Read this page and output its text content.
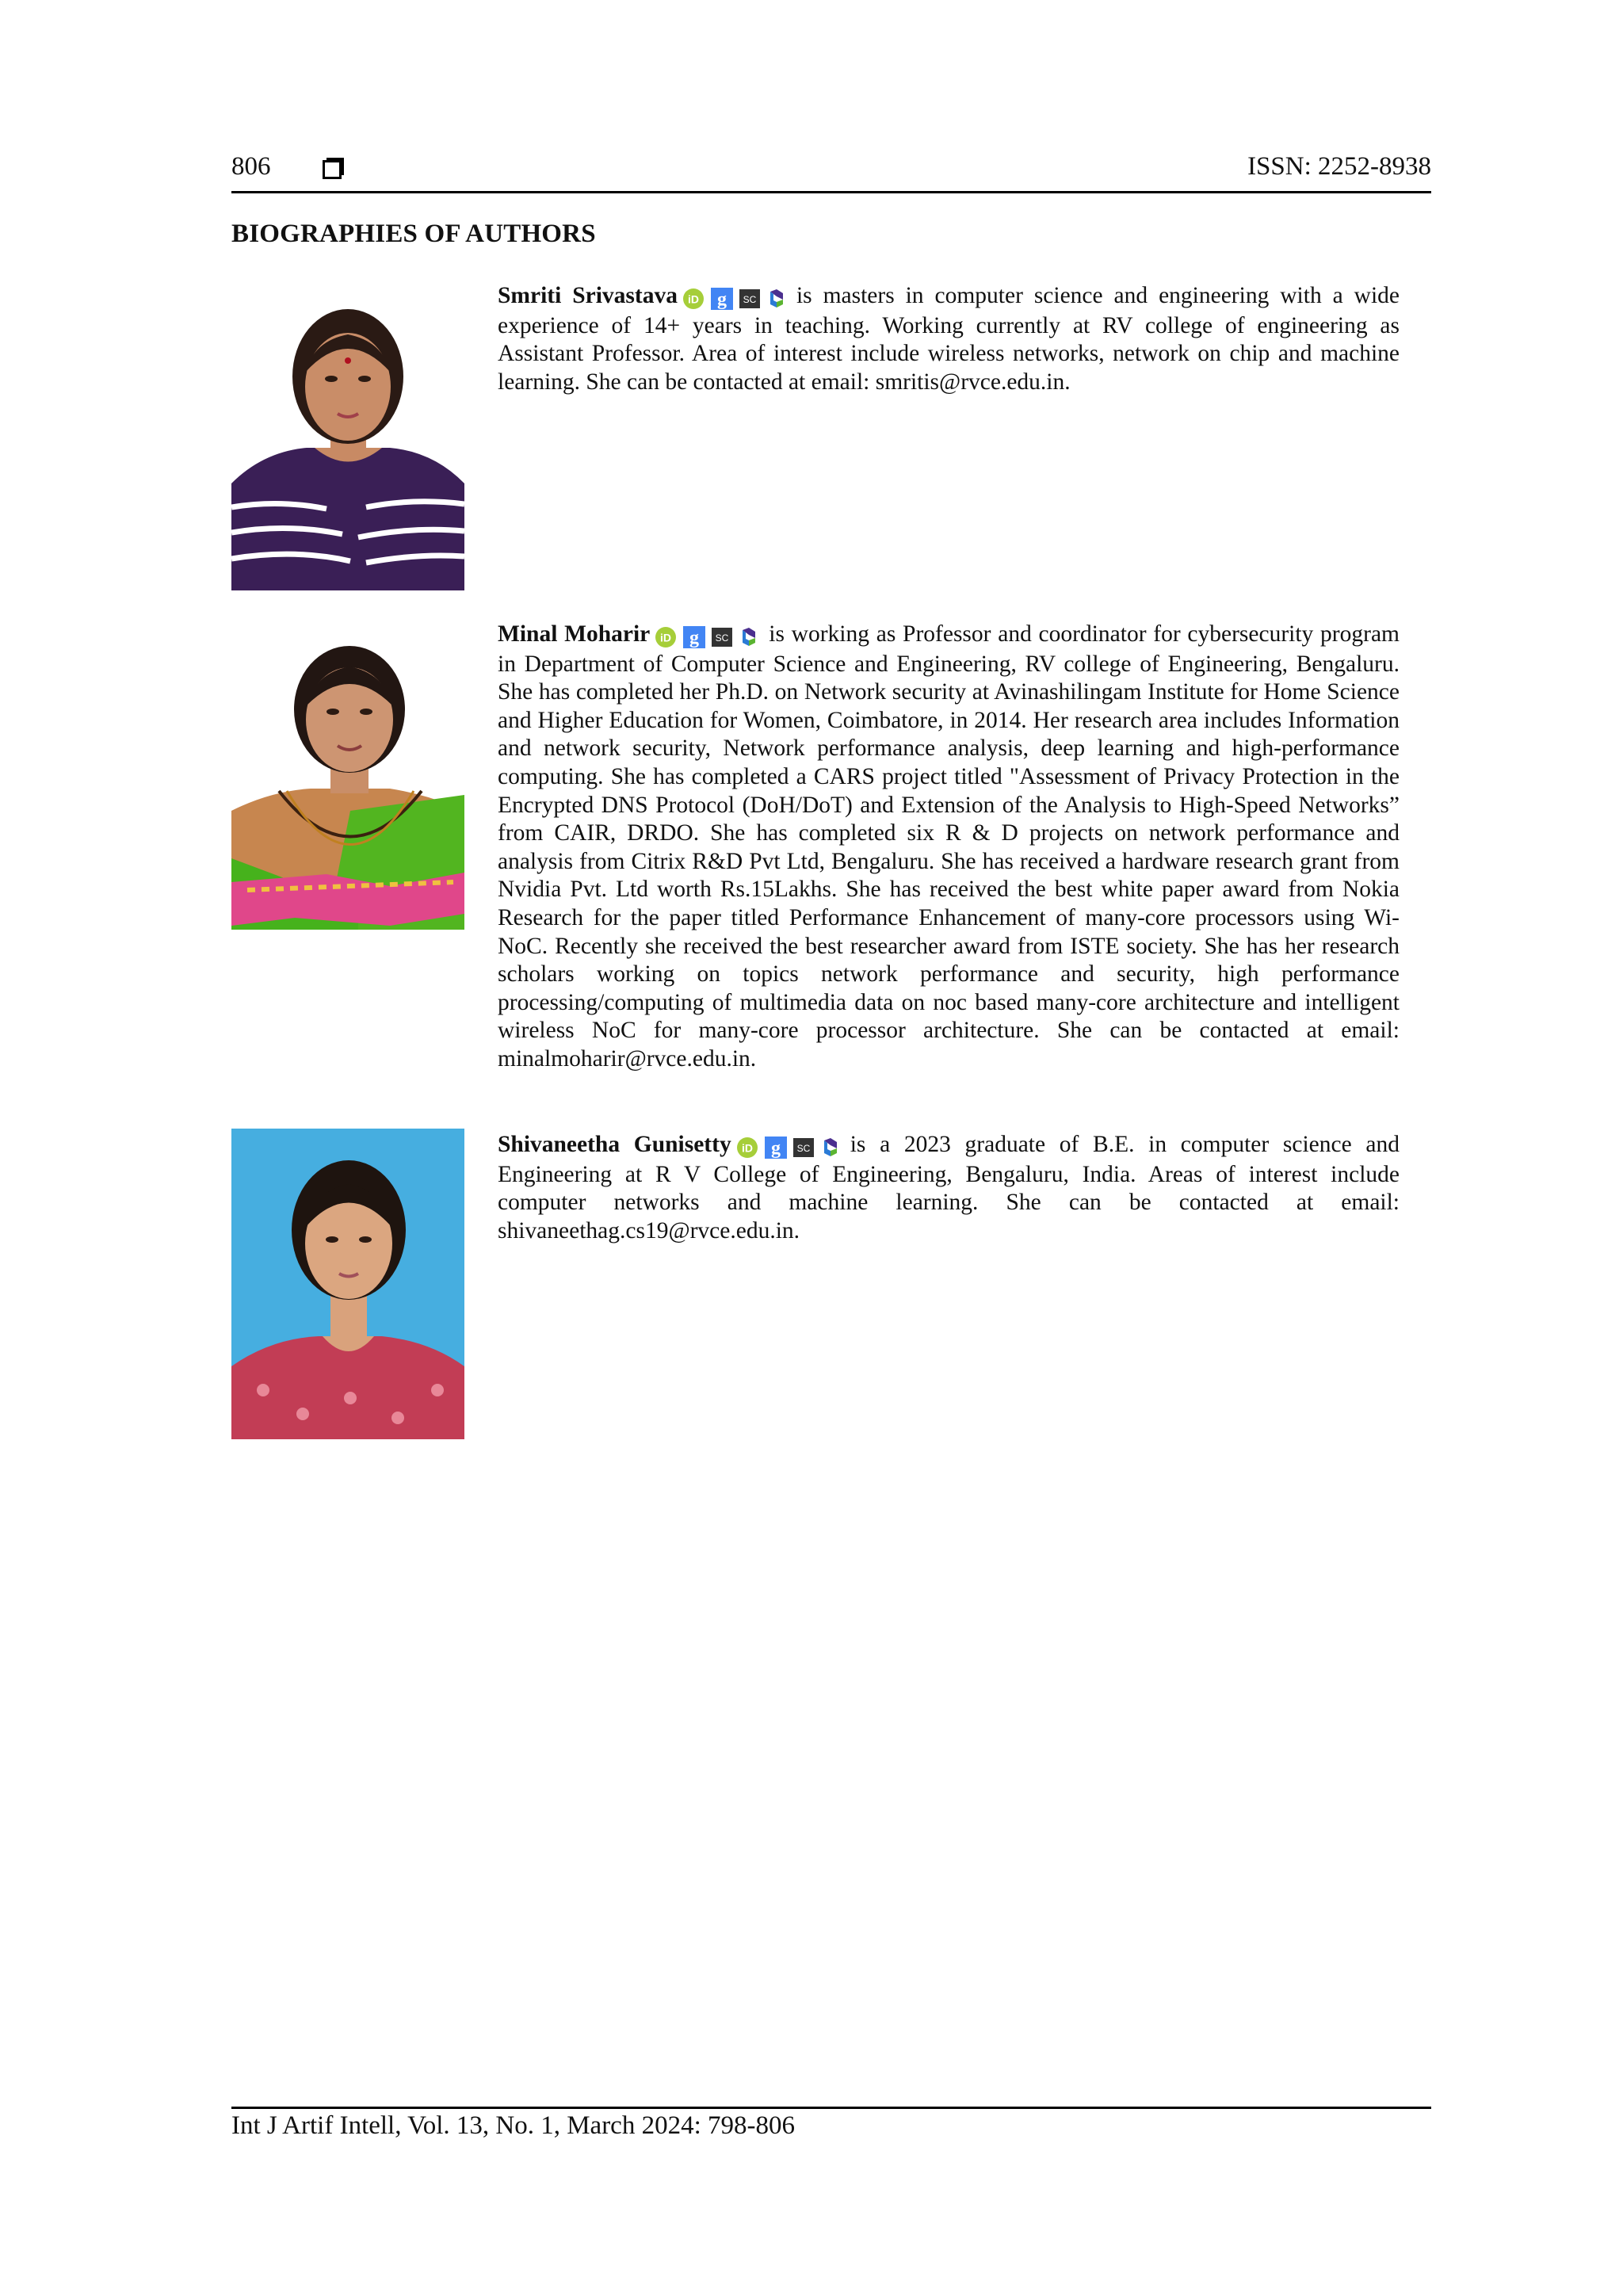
806	ISSN: 2252-8938
BIOGRAPHIES OF AUTHORS
Smriti Srivastava iD g SC is masters in computer science and engineering with a wide experience of 14+ years in teaching. Working currently at RV college of engineering as Assistant Professor. Area of interest include wireless networks, network on chip and machine learning. She can be contacted at email: smritis@rvce.edu.in.
Minal Moharir iD g SC is working as Professor and coordinator for cybersecurity program in Department of Computer Science and Engineering, RV college of Engineering, Bengaluru. She has completed her Ph.D. on Network security at Avinashilingam Institute for Home Science and Higher Education for Women, Coimbatore, in 2014. Her research area includes Information and network security, Network performance analysis, deep learning and high-performance computing. She has completed a CARS project titled "Assessment of Privacy Protection in the Encrypted DNS Protocol (DoH/DoT) and Extension of the Analysis to High-Speed Networks” from CAIR, DRDO. She has completed six R & D projects on network performance and analysis from Citrix R&D Pvt Ltd, Bengaluru. She has received a hardware research grant from Nvidia Pvt. Ltd worth Rs.15Lakhs. She has received the best white paper award from Nokia Research for the paper titled Performance Enhancement of many-core processors using Wi-NoC. Recently she received the best researcher award from ISTE society. She has her research scholars working on topics network performance and security, high performance processing/computing of multimedia data on noc based many-core architecture and intelligent wireless NoC for many-core processor architecture. She can be contacted at email: minalmoharir@rvce.edu.in.
Shivaneetha Gunisetty iD g SC is a 2023 graduate of B.E. in computer science and Engineering at R V College of Engineering, Bengaluru, India. Areas of interest include computer networks and machine learning. She can be contacted at email: shivaneethag.cs19@rvce.edu.in.
Int J Artif Intell, Vol. 13, No. 1, March 2024: 798-806
